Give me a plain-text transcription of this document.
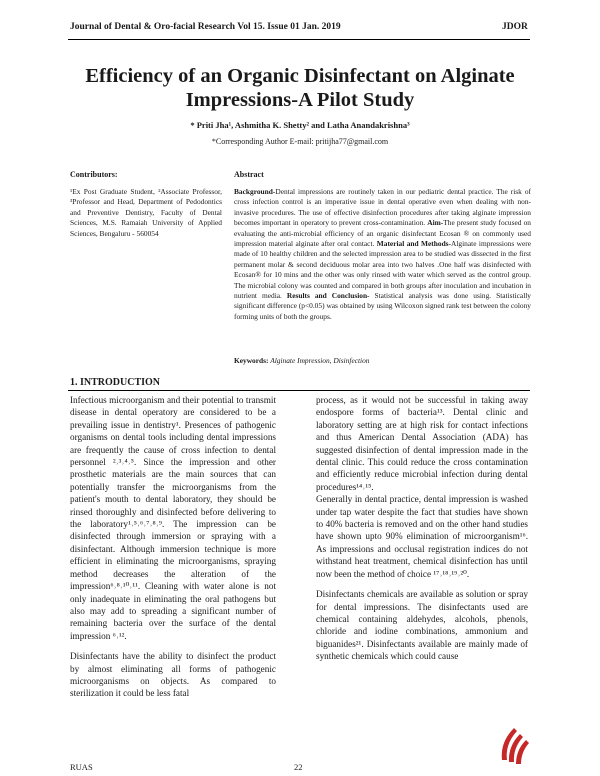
Journal of Dental & Oro-facial Research Vol 15. Issue 01 Jan. 2019	JDOR
Efficiency of an Organic Disinfectant on Alginate
Impressions-A Pilot Study
* Priti Jha¹, Ashmitha K. Shetty² and Latha Anandakrishna³
*Corresponding Author E-mail: pritijha77@gmail.com
Contributors:

¹Ex Post Graduate Student, ²Associate Professor, ³Professor and Head, Department of Pedodontics and Preventive Dentistry, Faculty of Dental Sciences, M.S. Ramaiah University of Applied Sciences, Bengaluru - 560054

Abstract

Background-Dental impressions are routinely taken in our pediatric dental practice. The risk of cross infection control is an imperative issue in dental operative even when dealing with non-invasive procedures. The use of effective disinfection procedures after taking alginate impression becomes important in operatory to prevent cross-contamination. Aim-The present study focused on evaluating the anti-microbial efficiency of an organic disinfectant Ecosan ® on commonly used impression material alginate after oral contact. Material and Methods-Alginate impressions were made of 10 healthy children and the selected impression area to be studied was dissected in the first permanent molar & second deciduous molar area into two halves .One half was disinfected with Ecosan® for 10 mins and the other was only rinsed with water which served as the control group. The microbial colony was counted and compared in both groups after inoculation and incubation in nutrient media. Results and Conclusion- Statistical analysis was done using. Statistically significant difference (p<0.05) was obtained by using Wilcoxon signed rank test between the colony forming units of both the groups.

Keywords: Alginate Impression, Disinfection
1. INTRODUCTION

Infectious microorganism and their potential to transmit disease in dental operatory are considered to be a prevailing issue in dentistry¹. Presences of pathogenic organisms on dental tools including dental impressions are frequently the cause of cross infection to dental personnel ²˒³˒⁴˒⁵. Since the impression and other prosthetic materials are the main sources that can potentially transfer the microorganisms from the patient's mouth to dental laboratory, they should be rinsed thoroughly and disinfected before delivering to the laboratory¹˒⁵˒⁶˒⁷˒⁸˒⁹. The impression can be disinfected through immersion or spraying with a disinfectant. Although immersion technique is more efficient in eliminating the microorganisms, spraying method decreases the alteration of the impression⁶˒⁸˒¹⁰˒¹¹. Cleaning with water alone is not only inadequate in eliminating the oral pathogens but also may add to spreading a significant number of remaining bacteria over the surface of the dental impression ⁶˒¹².

Disinfectants have the ability to disinfect the product by almost eliminating all forms of pathogenic microorganisms on objects. As compared to sterilization it could be less fatal

process, as it would not be successful in taking away endospore forms of bacteria¹³. Dental clinic and laboratory setting are at high risk for contact infections and thus American Dental Association (ADA) has suggested disinfection of dental impression made in the dental clinic. This could reduce the cross contamination and efficiently reduce microbial infection during dental procedures¹⁴˒¹⁵.

Generally in dental practice, dental impression is washed under tap water despite the fact that studies have shown to 40% bacteria is removed and on the other hand studies have shown upto 90% elimination of microorganism¹⁶. As impressions and occlusal registration indices do not withstand heat treatment, chemical disinfection has until now been the method of choice ¹⁷˒¹⁸˒¹⁹˒²⁰.

Disinfectants chemicals are available as solution or spray for dental impressions. The disinfectants used are chemical containing aldehydes, alcohols, phenols, chloride and iodine combinations, ammonium and biguanides²¹. Disinfectants available are mainly made of synthetic chemicals which could cause

RUAS	22
